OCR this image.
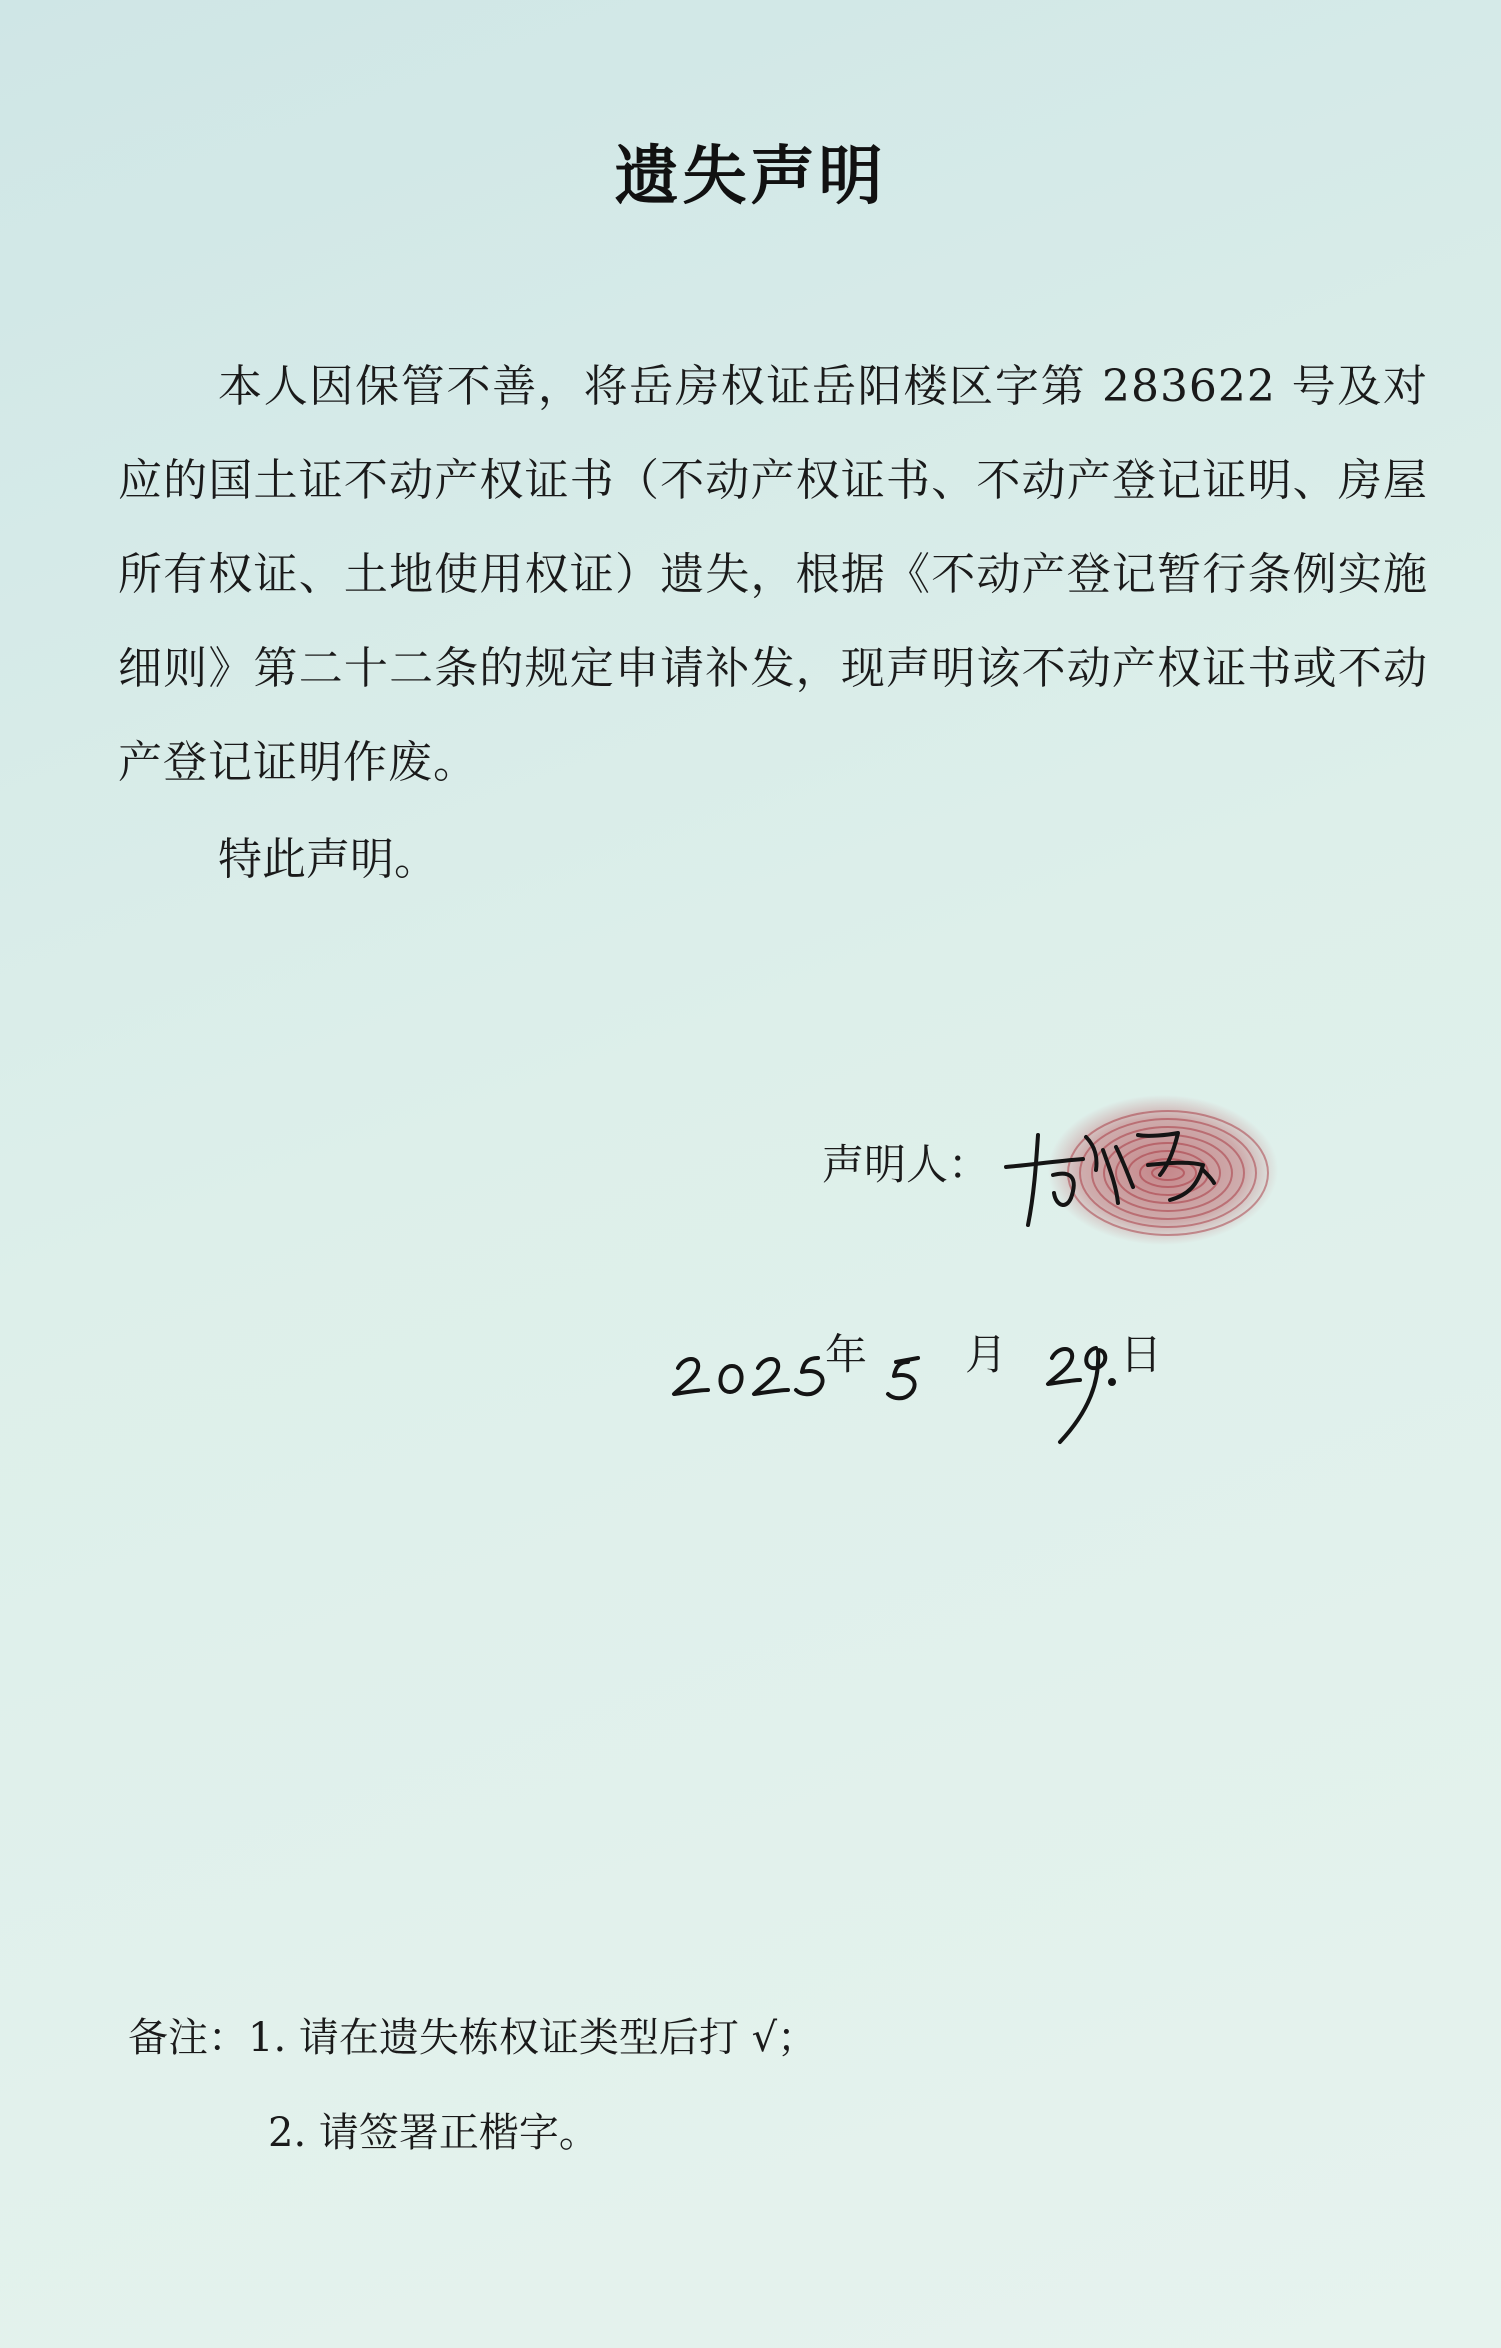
遗失声明

本人因保管不善，将岳房权证岳阳楼区字第 283622 号及对应的国土证不动产权证书（不动产权证书、不动产登记证明、房屋所有权证、土地使用权证）遗失，根据《不动产登记暂行条例实施细则》第二十二条的规定申请补发，现声明该不动产权证书或不动产登记证明作废。

特此声明。
声明人：
年 月	日
备注：1. 请在遗失栋权证类型后打 √；
2. 请签署正楷字。
